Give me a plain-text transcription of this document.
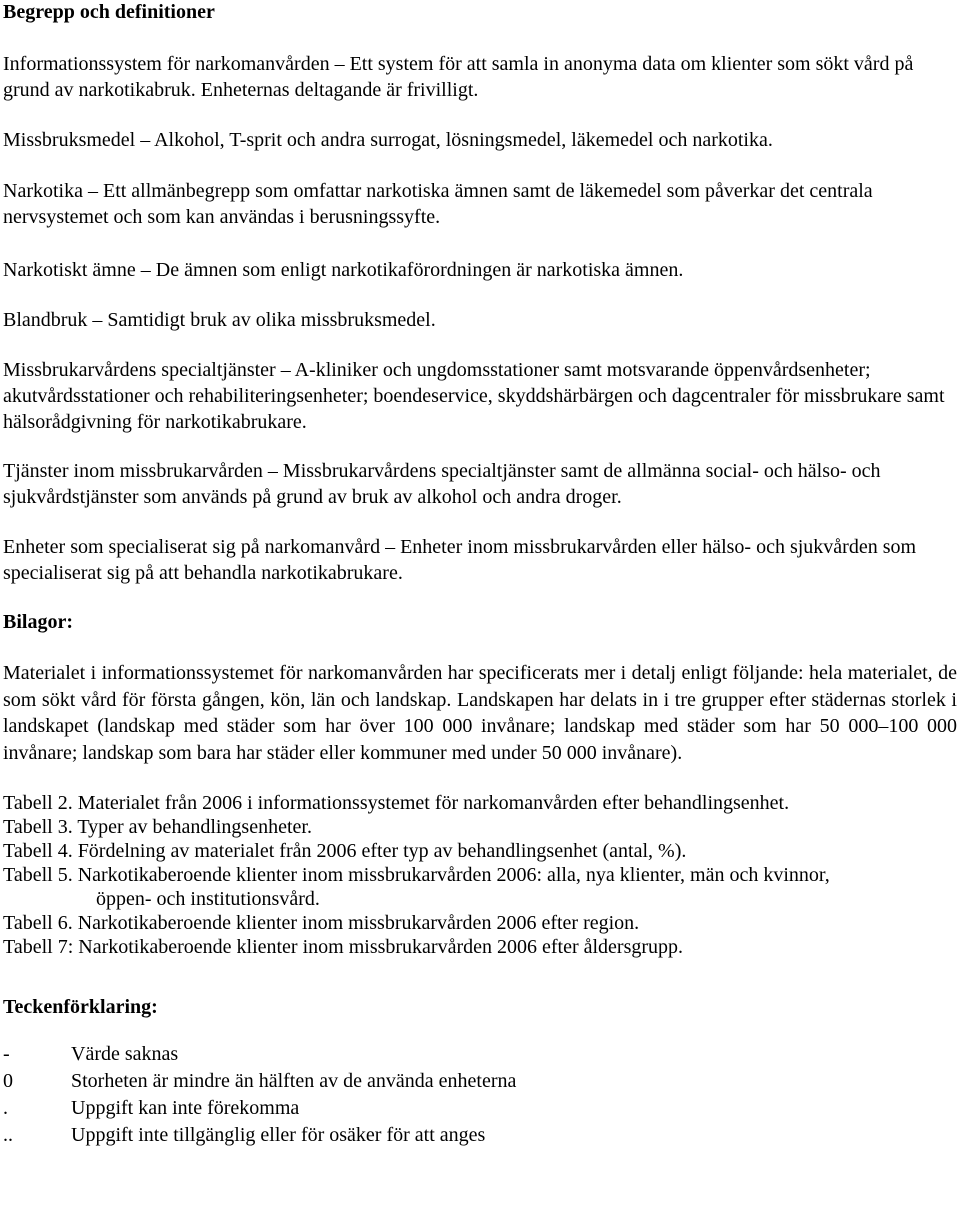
Begrepp och definitioner

Informationssystem för narkomanvården – Ett system för att samla in anonyma data om klienter som sökt vård på grund av narkotikabruk. Enheternas deltagande är frivilligt.

Missbruksmedel – Alkohol, T-sprit och andra surrogat, lösningsmedel, läkemedel och narkotika.

Narkotika – Ett allmänbegrepp som omfattar narkotiska ämnen samt de läkemedel som påverkar det centrala nervsystemet och som kan användas i berusningssyfte.

Narkotiskt ämne – De ämnen som enligt narkotikaförordningen är narkotiska ämnen.

Blandbruk – Samtidigt bruk av olika missbruksmedel.

Missbrukarvårdens specialtjänster – A-kliniker och ungdomsstationer samt motsvarande öppenvårdsenheter; akutvårdsstationer och rehabiliteringsenheter; boendeservice, skyddshärbärgen och dagcentraler för missbrukare samt hälsorådgivning för narkotikabrukare.

Tjänster inom missbrukarvården – Missbrukarvårdens specialtjänster samt de allmänna social- och hälso- och sjukvårdstjänster som används på grund av bruk av alkohol och andra droger.

Enheter som specialiserat sig på narkomanvård – Enheter inom missbrukarvården eller hälso- och sjukvården som specialiserat sig på att behandla narkotikabrukare.

Bilagor:

Materialet i informationssystemet för narkomanvården har specificerats mer i detalj enligt följande: hela materialet, de som sökt vård för första gången, kön, län och landskap. Landskapen har delats in i tre grupper efter städernas storlek i landskapet (landskap med städer som har över 100 000 invånare; landskap med städer som har 50 000–100 000 invånare; landskap som bara har städer eller kommuner med under 50 000 invånare).

Tabell 2. Materialet från 2006 i informationssystemet för narkomanvården efter behandlingsenhet.
Tabell 3. Typer av behandlingsenheter.
Tabell 4. Fördelning av materialet från 2006 efter typ av behandlingsenhet (antal, %).
Tabell 5. Narkotikaberoende klienter inom missbrukarvården 2006: alla, nya klienter, män och kvinnor,
öppen- och institutionsvård.
Tabell 6. Narkotikaberoende klienter inom missbrukarvården 2006 efter region.
Tabell 7: Narkotikaberoende klienter inom missbrukarvården 2006 efter åldersgrupp.
Teckenförklaring:
-	Värde saknas
0	Storheten är mindre än hälften av de använda enheterna
.	Uppgift kan inte förekomma
..	Uppgift inte tillgänglig eller för osäker för att anges
